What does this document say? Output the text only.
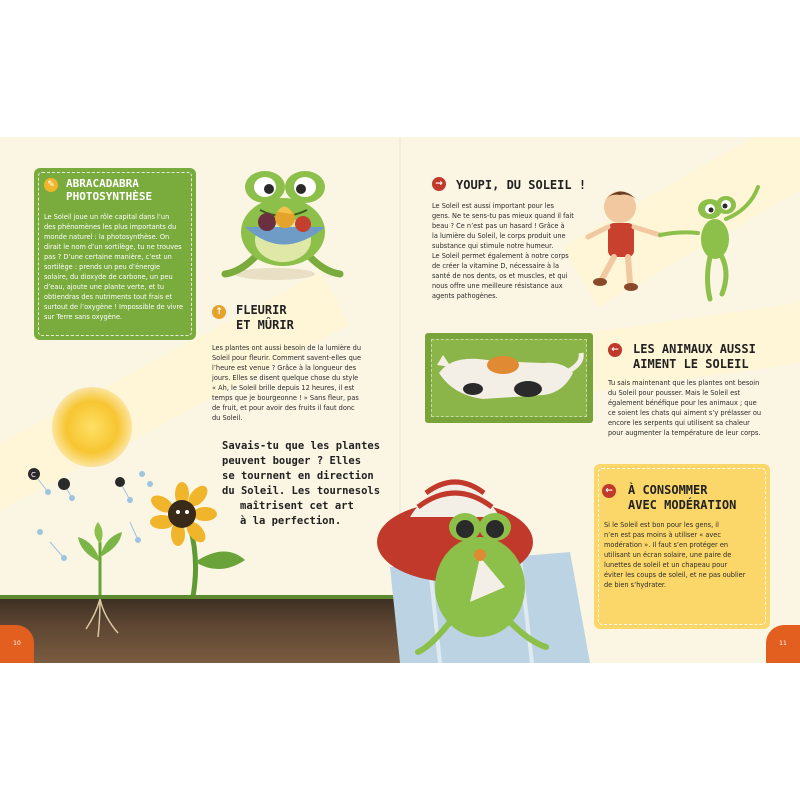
✎ ABRACADABRA
PHOTOSYNTHÈSE

Le Soleil joue un rôle capital dans l’un

des phénomènes les plus importants du

monde naturel : la photosynthèse. On

dirait le nom d’un sortilège, tu ne trouves

pas ? D’une certaine manière, c’est un

sortilège : prends un peu d’énergie

solaire, du dioxyde de carbone, un peu

d’eau, ajoute une plante verte, et tu

obtiendras des nutriments tout frais et

surtout de l’oxygène ! Impossible de vivre

sur Terre sans oxygène.	↑ FLEURIR
ET MÛRIR

Les plantes ont aussi besoin de la lumière du

Soleil pour fleurir. Comment savent-elles que

l’heure est venue ? Grâce à la longueur des

jours. Elles se disent quelque chose du style

« Ah, le Soleil brille depuis 12 heures, il est

temps que je bourgeonne ! » Sans fleur, pas

de fruit, et pour avoir des fruits il faut donc

du Soleil.

Savais-tu que les plantes
peuvent bouger ? Elles
se tournent en direction
du Soleil. Les tournesols
maîtrisent cet art
à la perfection.
C
10
→ YOUPI, DU SOLEIL !

Le Soleil est aussi important pour les

gens. Ne te sens-tu pas mieux quand il fait

beau ? Ce n’est pas un hasard ! Grâce à

la lumière du Soleil, le corps produit une

substance qui stimule notre humeur.

Le Soleil permet également à notre corps

de créer la vitamine D, nécessaire à la

santé de nos dents, os et muscles, et qui

nous offre une meilleure résistance aux

agents pathogènes.

← LES ANIMAUX AUSSI
AIMENT LE SOLEIL

Tu sais maintenant que les plantes ont besoin

du Soleil pour pousser. Mais le Soleil est

également bénéfique pour les animaux ; que

ce soient les chats qui aiment s’y prélasser ou

encore les serpents qui utilisent sa chaleur

pour augmenter la température de leur corps.

← À CONSOMMER
AVEC MODÉRATION

Si le Soleil est bon pour les gens, il

n’en est pas moins à utiliser « avec

modération ». Il faut s’en protéger en

utilisant un écran solaire, une paire de

lunettes de soleil et un chapeau pour

éviter les coups de soleil, et ne pas oublier

de bien s’hydrater.

11
